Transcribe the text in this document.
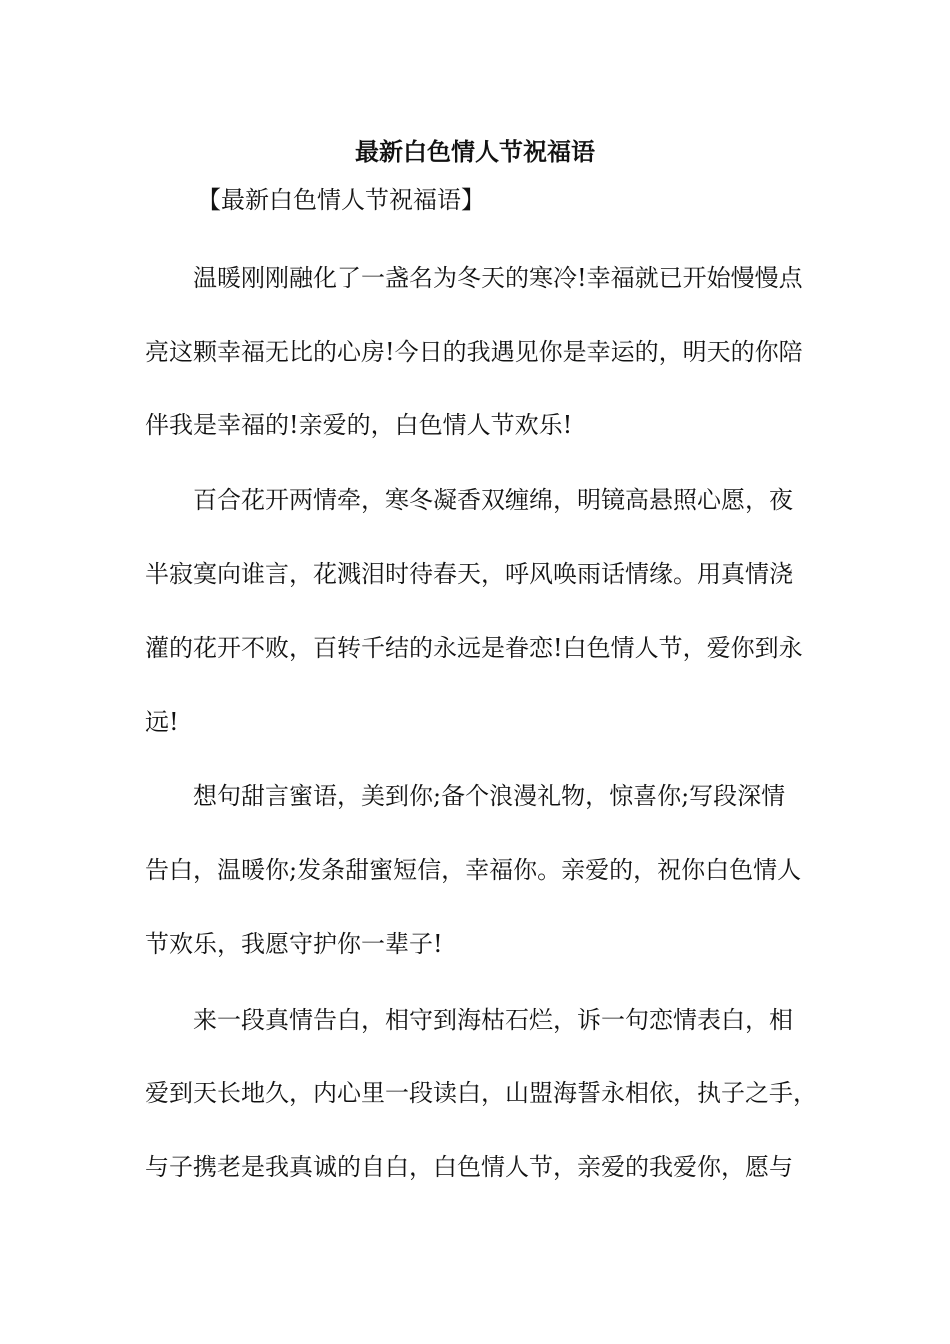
最新白色情人节祝福语

【最新白色情人节祝福语】

温暖刚刚融化了一盏名为冬天的寒冷!幸福就已开始慢慢点

亮这颗幸福无比的心房!今日的我遇见你是幸运的，明天的你陪

伴我是幸福的!亲爱的，白色情人节欢乐!

百合花开两情牵，寒冬凝香双缠绵，明镜高悬照心愿，夜

半寂寞向谁言，花溅泪时待春天，呼风唤雨话情缘。用真情浇

灌的花开不败，百转千结的永远是眷恋!白色情人节，爱你到永

远!

想句甜言蜜语，美到你;备个浪漫礼物，惊喜你;写段深情

告白，温暖你;发条甜蜜短信，幸福你。亲爱的，祝你白色情人

节欢乐，我愿守护你一辈子!

来一段真情告白，相守到海枯石烂，诉一句恋情表白，相

爱到天长地久，内心里一段读白，山盟海誓永相依，执子之手，

与子携老是我真诚的自白，白色情人节，亲爱的我爱你，愿与
